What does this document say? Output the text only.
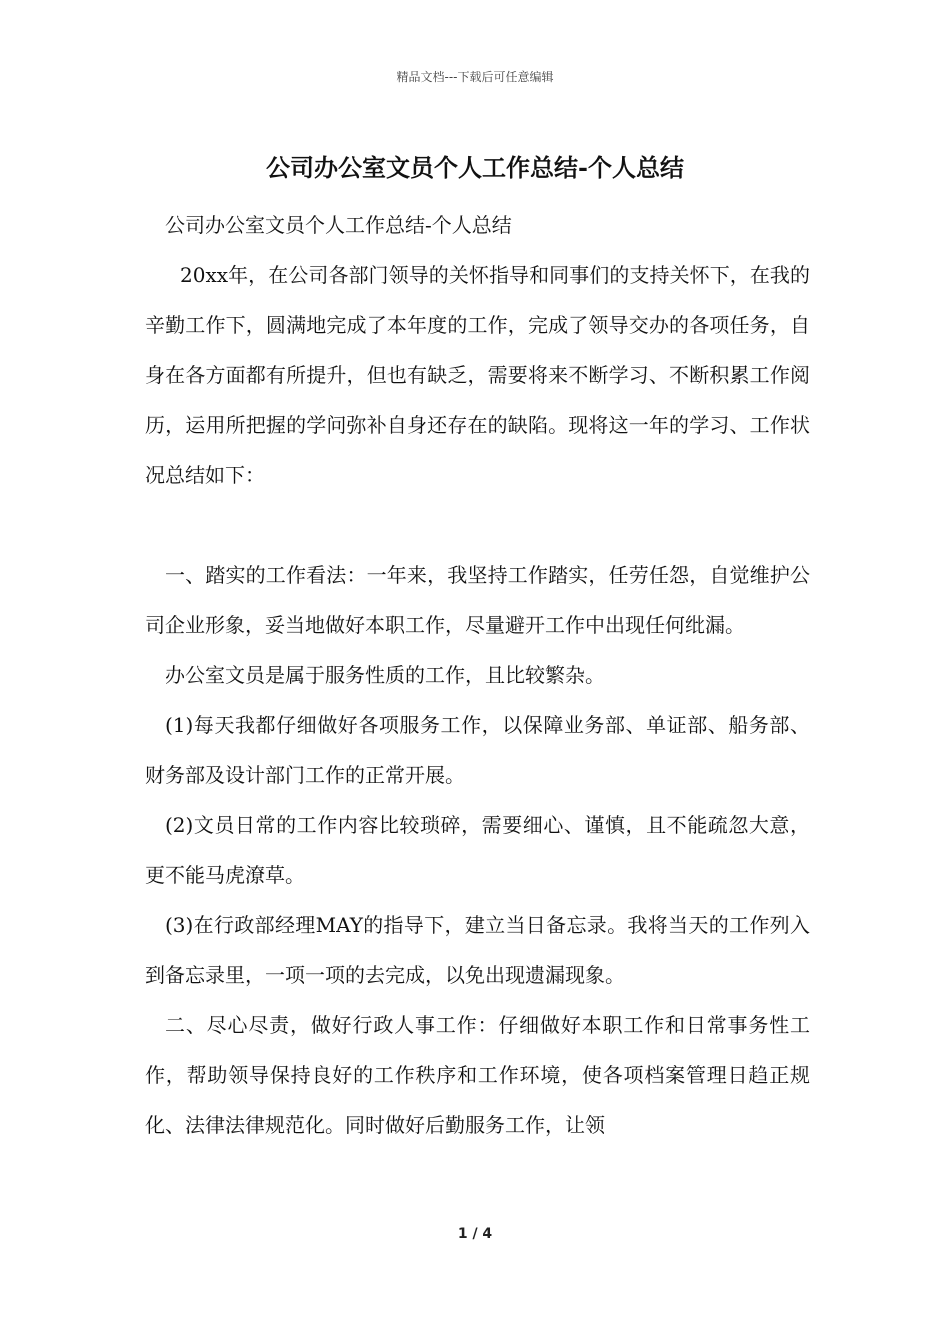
精品文档---下载后可任意编辑
公司办公室文员个人工作总结-个人总结

公司办公室文员个人工作总结-个人总结

20xx年，在公司各部门领导的关怀指导和同事们的支持关怀下，在我的辛勤工作下，圆满地完成了本年度的工作，完成了领导交办的各项任务，自身在各方面都有所提升，但也有缺乏，需要将来不断学习、不断积累工作阅历，运用所把握的学问弥补自身还存在的缺陷。现将这一年的学习、工作状况总结如下：

一、踏实的工作看法：一年来，我坚持工作踏实，任劳任怨，自觉维护公司企业形象，妥当地做好本职工作，尽量避开工作中出现任何纰漏。

办公室文员是属于服务性质的工作，且比较繁杂。

(1)每天我都仔细做好各项服务工作，以保障业务部、单证部、船务部、财务部及设计部门工作的正常开展。

(2)文员日常的工作内容比较琐碎，需要细心、谨慎，且不能疏忽大意，更不能马虎潦草。

(3)在行政部经理MAY的指导下，建立当日备忘录。我将当天的工作列入到备忘录里，一项一项的去完成，以免出现遗漏现象。

二、尽心尽责，做好行政人事工作：仔细做好本职工作和日常事务性工作，帮助领导保持良好的工作秩序和工作环境，使各项档案管理日趋正规化、法律法律规范化。同时做好后勤服务工作，让领

1 / 4
